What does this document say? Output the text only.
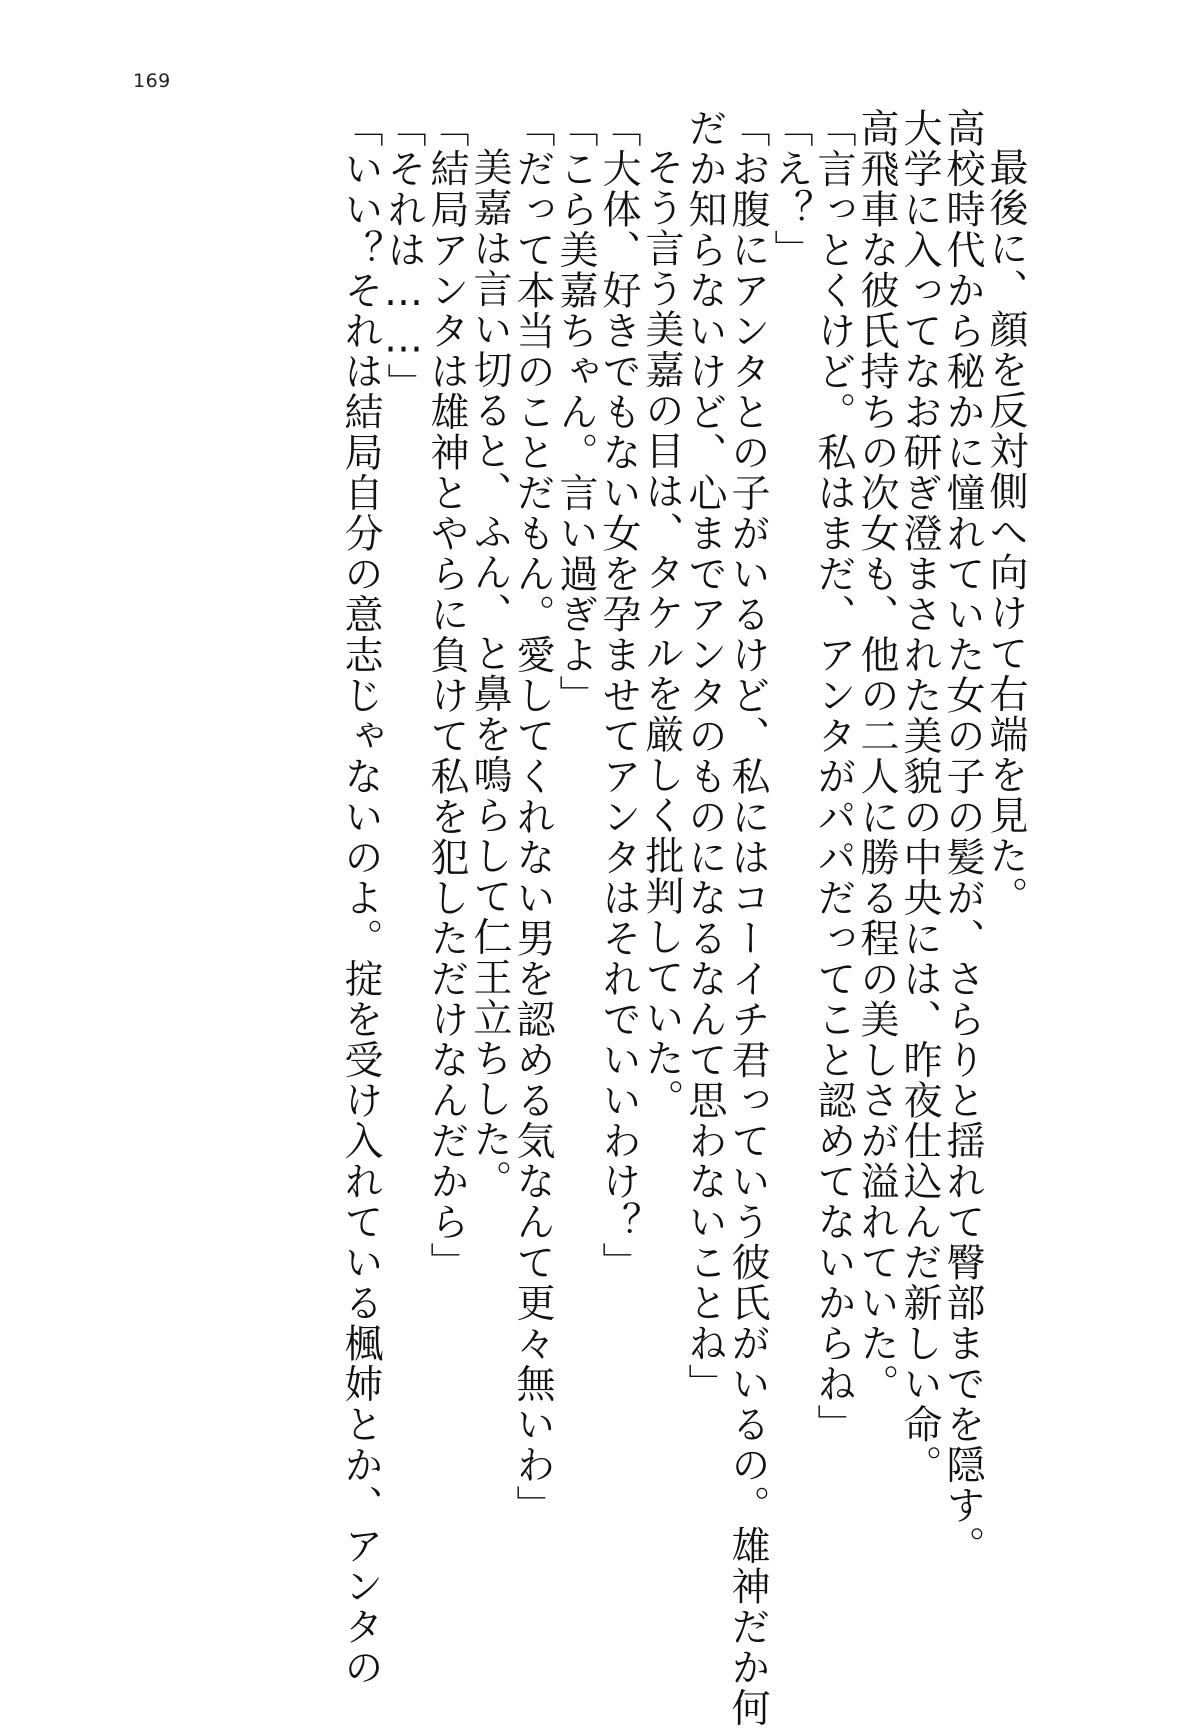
169

最後に、顔を反対側へ向けて右端を見た。

高校時代から秘かに憧れていた女の子の髪が、さらりと揺れて臀部までを隠す。

大学に入ってなお研ぎ澄まされた美貌の中央には、昨夜仕込んだ新しい命。

高飛車な彼氏持ちの次女も、他の二人に勝る程の美しさが溢れていた。

「言っとくけど。私はまだ、アンタがパパだってこと認めてないからね」

「え？」

「お腹にアンタとの子がいるけど、私にはコーイチ君っていう彼氏がいるの。雄神だか何

だか知らないけど、心までアンタのものになるなんて思わないことね」

そう言う美嘉の目は、タケルを厳しく批判していた。

「大体、好きでもない女を孕ませてアンタはそれでいいわけ？」

「こら美嘉ちゃん。言い過ぎよ」

「だって本当のことだもん。愛してくれない男を認める気なんて更々無いわ」

美嘉は言い切ると、ふん、と鼻を鳴らして仁王立ちした。

「結局アンタは雄神とやらに負けて私を犯しただけなんだから」

「それは……」

「いい？それは結局自分の意志じゃないのよ。掟を受け入れている楓姉とか、アンタの
